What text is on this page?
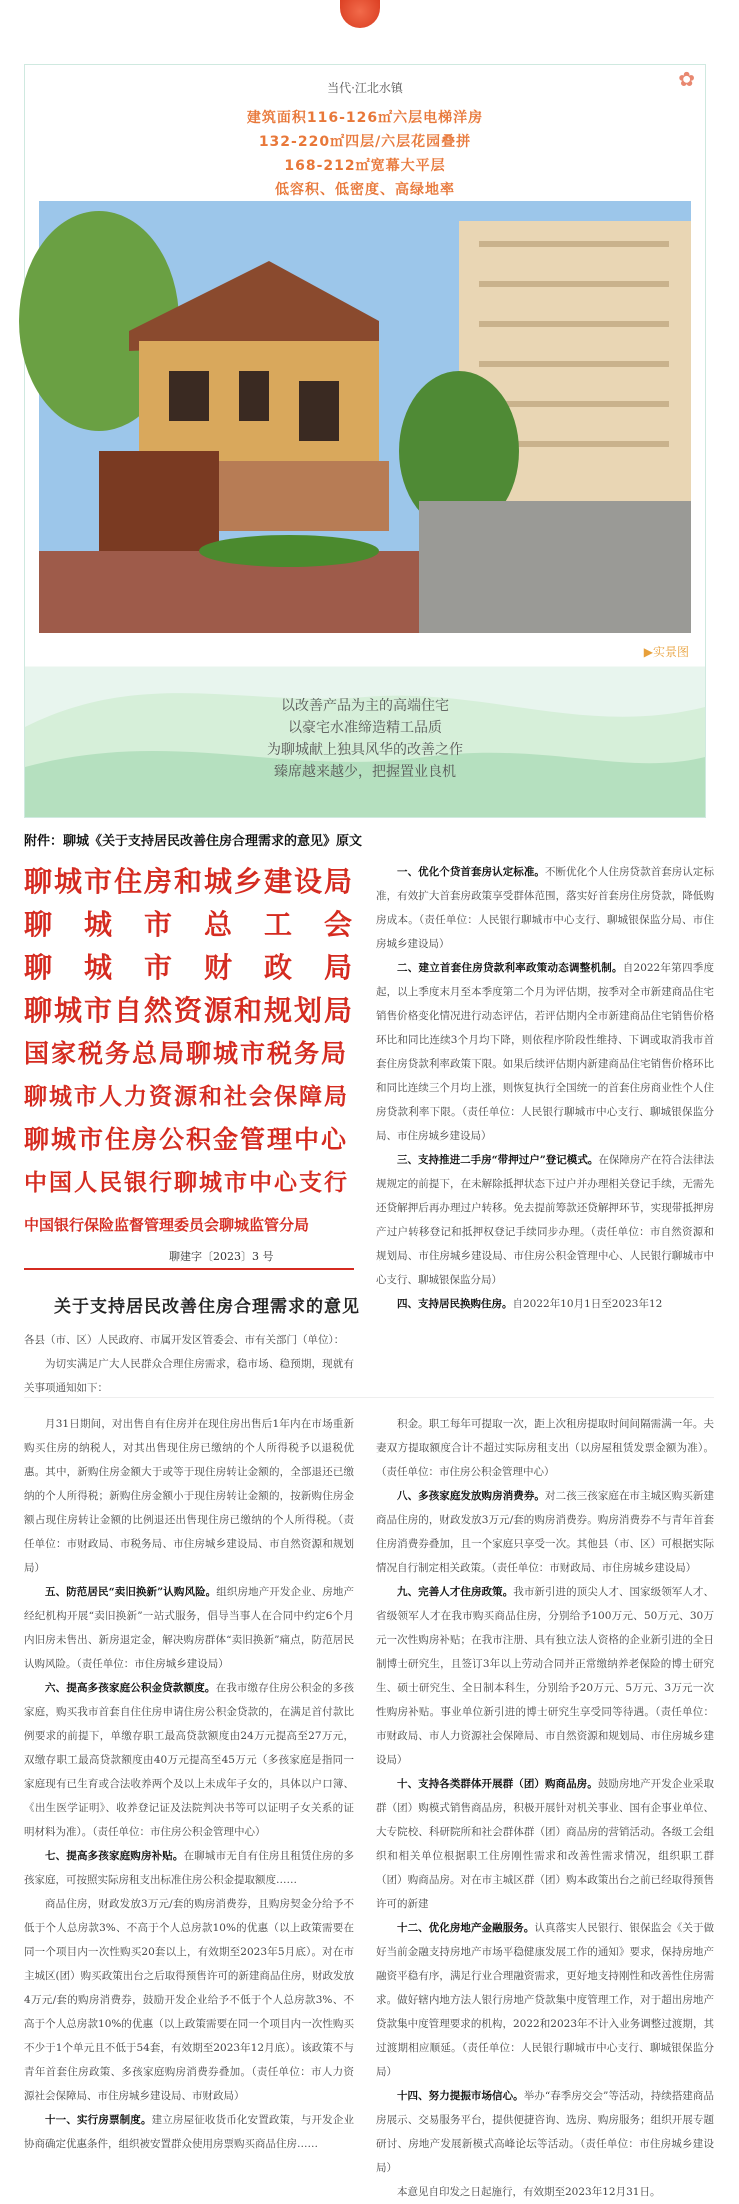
✿
当代·江北水镇
建筑面积116-126㎡六层电梯洋房
132-220㎡四层/六层花园叠拼
168-212㎡宽幕大平层
低容积、低密度、高绿地率
▶实景图
以改善产品为主的高端住宅
以豪宅水准缔造精工品质
为聊城献上独具风华的改善之作
臻席越来越少，把握置业良机
附件：聊城《关于支持居民改善住房合理需求的意见》原文
聊城市住房和城乡建设局
聊　城　市　总　工　会
聊　城　市　财　政　局
聊城市自然资源和规划局
国家税务总局聊城市税务局
聊城市人力资源和社会保障局
聊城市住房公积金管理中心
中国人民银行聊城市中心支行
中国银行保险监督管理委员会聊城监管分局
聊建字〔2023〕3 号
关于支持居民改善住房合理需求的意见

各县（市、区）人民政府、市属开发区管委会、市有关部门（单位）：

为切实满足广大人民群众合理住房需求，稳市场、稳预期，现就有关事项通知如下：

一、优化个贷首套房认定标准。不断优化个人住房贷款首套房认定标准，有效扩大首套房政策享受群体范围，落实好首套房住房贷款，降低购房成本。（责任单位：人民银行聊城市中心支行、聊城银保监分局、市住房城乡建设局）

二、建立首套住房贷款利率政策动态调整机制。自2022年第四季度起，以上季度末月至本季度第二个月为评估期，按季对全市新建商品住宅销售价格变化情况进行动态评估，若评估期内全市新建商品住宅销售价格环比和同比连续3个月均下降，则依程序阶段性维持、下调或取消我市首套住房贷款利率政策下限。如果后续评估期内新建商品住宅销售价格环比和同比连续三个月均上涨，则恢复执行全国统一的首套住房商业性个人住房贷款利率下限。（责任单位：人民银行聊城市中心支行、聊城银保监分局、市住房城乡建设局）

三、支持推进二手房“带押过户”登记模式。在保障房产在符合法律法规规定的前提下，在未解除抵押状态下过户并办理相关登记手续，无需先还贷解押后再办理过户转移。免去提前筹款还贷解押环节，实现带抵押房产过户转移登记和抵押权登记手续同步办理。（责任单位：市自然资源和规划局、市住房城乡建设局、市住房公积金管理中心、人民银行聊城市中心支行、聊城银保监分局）

四、支持居民换购住房。自2022年10月1日至2023年12

月31日期间，对出售自有住房并在现住房出售后1年内在市场重新购买住房的纳税人，对其出售现住房已缴纳的个人所得税予以退税优惠。其中，新购住房金额大于或等于现住房转让金额的，全部退还已缴纳的个人所得税；新购住房金额小于现住房转让金额的，按新购住房金额占现住房转让金额的比例退还出售现住房已缴纳的个人所得税。（责任单位：市财政局、市税务局、市住房城乡建设局、市自然资源和规划局）

五、防范居民“卖旧换新”认购风险。组织房地产开发企业、房地产经纪机构开展“卖旧换新”一站式服务，倡导当事人在合同中约定6个月内旧房未售出、新房退定金，解决购房群体“卖旧换新”痛点，防范居民认购风险。（责任单位：市住房城乡建设局）

六、提高多孩家庭公积金贷款额度。在我市缴存住房公积金的多孩家庭，购买我市首套自住住房申请住房公积金贷款的，在满足首付款比例要求的前提下，单缴存职工最高贷款额度由24万元提高至27万元，双缴存职工最高贷款额度由40万元提高至45万元（多孩家庭是指同一家庭现有已生育或合法收养两个及以上未成年子女的，具体以户口簿、《出生医学证明》、收养登记证及法院判决书等可以证明子女关系的证明材料为准）。（责任单位：市住房公积金管理中心）

七、提高多孩家庭购房补贴。在聊城市无自有住房且租赁住房的多孩家庭，可按照实际房租支出标准住房公积金提取额度……

商品住房，财政发放3万元/套的购房消费券，且购房契金分给予不低于个人总房款3%、不高于个人总房款10%的优惠（以上政策需要在同一个项目内一次性购买20套以上，有效期至2023年5月底）。对在市主城区(团）购买政策出台之后取得预售许可的新建商品住房，财政发放4万元/套的购房消费券，鼓励开发企业给予不低于个人总房款3%、不高于个人总房款10%的优惠（以上政策需要在同一个项目内一次性购买不少于1个单元且不低于54套，有效期至2023年12月底）。该政策不与青年首套住房政策、多孩家庭购房消费券叠加。（责任单位：市人力资源社会保障局、市住房城乡建设局、市财政局）

十一、实行房票制度。建立房屋征收货币化安置政策，与开发企业协商确定优惠条件，组织被安置群众使用房票购买商品住房……

积金。职工每年可提取一次，距上次租房提取时间间隔需满一年。夫妻双方提取额度合计不超过实际房租支出（以房屋租赁发票金额为准）。（责任单位：市住房公积金管理中心）

八、多孩家庭发放购房消费券。对二孩三孩家庭在市主城区购买新建商品住房的，财政发放3万元/套的购房消费券。购房消费券不与青年首套住房消费券叠加，且一个家庭只享受一次。其他县（市、区）可根据实际情况自行制定相关政策。（责任单位：市财政局、市住房城乡建设局）

九、完善人才住房政策。我市新引进的顶尖人才、国家级领军人才、省级领军人才在我市购买商品住房，分别给予100万元、50万元、30万元一次性购房补贴；在我市注册、具有独立法人资格的企业新引进的全日制博士研究生，且签订3年以上劳动合同并正常缴纳养老保险的博士研究生、硕士研究生、全日制本科生，分别给予20万元、5万元、3万元一次性购房补贴。事业单位新引进的博士研究生享受同等待遇。（责任单位：市财政局、市人力资源社会保障局、市自然资源和规划局、市住房城乡建设局）

十、支持各类群体开展群（团）购商品房。鼓励房地产开发企业采取群（团）购模式销售商品房，积极开展针对机关事业、国有企事业单位、大专院校、科研院所和社会群体群（团）商品房的营销活动。各级工会组织和相关单位根据职工住房刚性需求和改善性需求情况，组织职工群（团）购商品房。对在市主城区群（团）购本政策出台之前已经取得预售许可的新建

十二、优化房地产金融服务。认真落实人民银行、银保监会《关于做好当前金融支持房地产市场平稳健康发展工作的通知》要求，保持房地产融资平稳有序，满足行业合理融资需求，更好地支持刚性和改善性住房需求。做好辖内地方法人银行房地产贷款集中度管理工作，对于超出房地产贷款集中度管理要求的机构，2022和2023年不计入业务调整过渡期，其过渡期相应顺延。（责任单位：人民银行聊城市中心支行、聊城银保监分局）

十四、努力提振市场信心。举办“春季房交会”等活动，持续搭建商品房展示、交易服务平台，提供便捷咨询、选房、购房服务；组织开展专题研讨、房地产发展新模式高峰论坛等活动。（责任单位：市住房城乡建设局）

本意见自印发之日起施行，有效期至2023年12月31日。
